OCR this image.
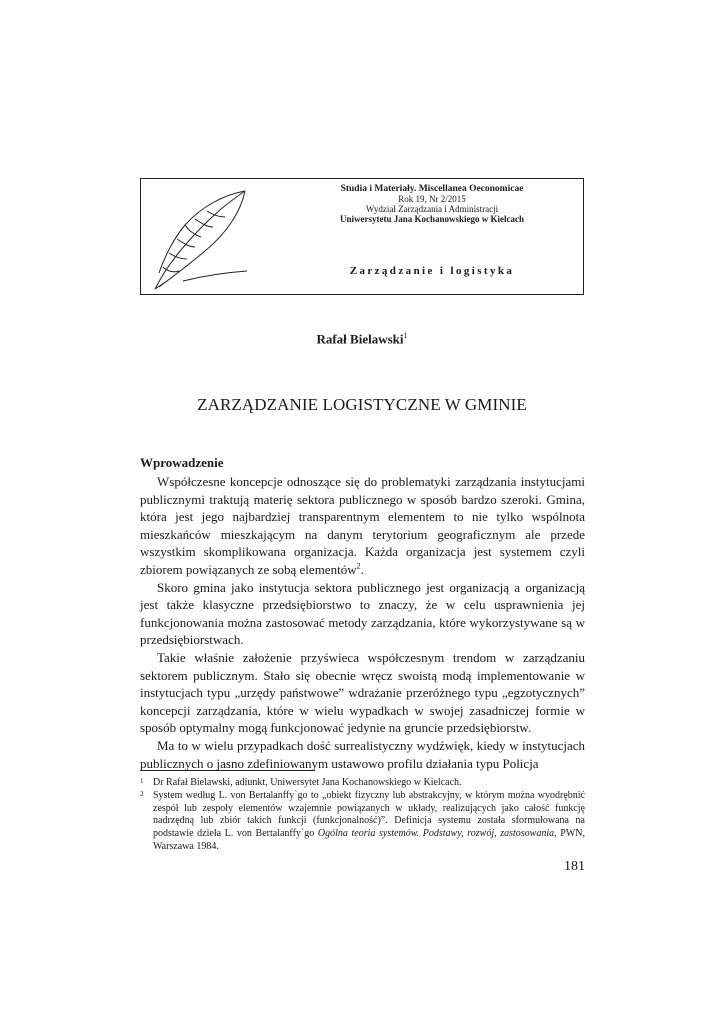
Studia i Materiały. Miscellanea Oeconomicae
Rok 19, Nr 2/2015
Wydział Zarządzania i Administracji
Uniwersytetu Jana Kochanowskiego w Kielcach
Zarządzanie i logistyka
Rafał Bielawski$^1$
ZARZĄDZANIE LOGISTYCZNE W GMINIE
Wprowadzenie

Współczesne koncepcje odnoszące się do problematyki zarządzania instytucjami publicznymi traktują materię sektora publicznego w sposób bardzo szeroki. Gmina, która jest jego najbardziej transparentnym elementem to nie tylko wspólnota mieszkańców mieszkającym na danym terytorium geograficznym ale przede wszystkim skomplikowana organizacja. Każda organizacja jest systemem czyli zbiorem powiązanych ze sobą elementów$^2$.

Skoro gmina jako instytucja sektora publicznego jest organizacją a organizacją jest także klasyczne przedsiębiorstwo to znaczy, że w celu usprawnienia jej funkcjonowania można zastosować metody zarządzania, które wykorzystywane są w przedsiębiorstwach.

Takie właśnie założenie przyświeca współczesnym trendom w zarządzaniu sektorem publicznym. Stało się obecnie wręcz swoistą modą implementowanie w instytucjach typu „urzędy państwowe” wdrażanie przeróżnego typu „egzotycznych” koncepcji zarządzania, które w wielu wypadkach w swojej zasadniczej formie w sposób optymalny mogą funkcjonować jedynie na gruncie przedsiębiorstw.

Ma to w wielu przypadkach dość surrealistyczny wydźwięk, kiedy w instytucjach publicznych o jasno zdefiniowanym ustawowo profilu działania typu Policja

1 Dr Rafał Bielawski, adiunkt, Uniwersytet Jana Kochanowskiego w Kielcach.
2 System według L. von Bertalanffy`go to „obiekt fizyczny lub abstrakcyjny, w którym można wyodrębnić zespół lub zespoły elementów wzajemnie powiązanych w układy, realizujących jako całość funkcję nadrzędną lub zbiór takich funkcji (funkcjonalność)”. Definicja systemu została sformułowana na podstawie dzieła L. von Bertalanffy`go Ogólna teoria systemów. Podstawy, rozwój, zastosowania, PWN, Warszawa 1984.
181
